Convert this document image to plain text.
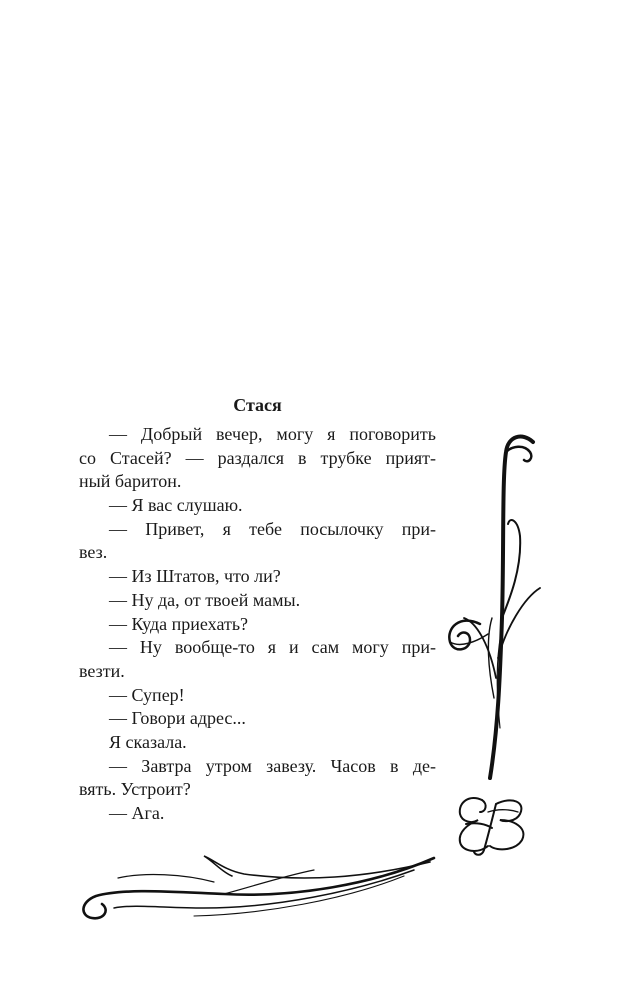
Стася
— Добрый вечер, могу я поговорить
со Стасей? — раздался в трубке прият-
ный баритон.
— Я вас слушаю.
— Привет, я тебе посылочку при-
вез.
— Из Штатов, что ли?
— Ну да, от твоей мамы.
— Куда приехать?
— Ну вообще-то я и сам могу при-
везти.
— Супер!
— Говори адрес...
Я сказала.
— Завтра утром завезу. Часов в де-
вять. Устроит?
— Ага.
